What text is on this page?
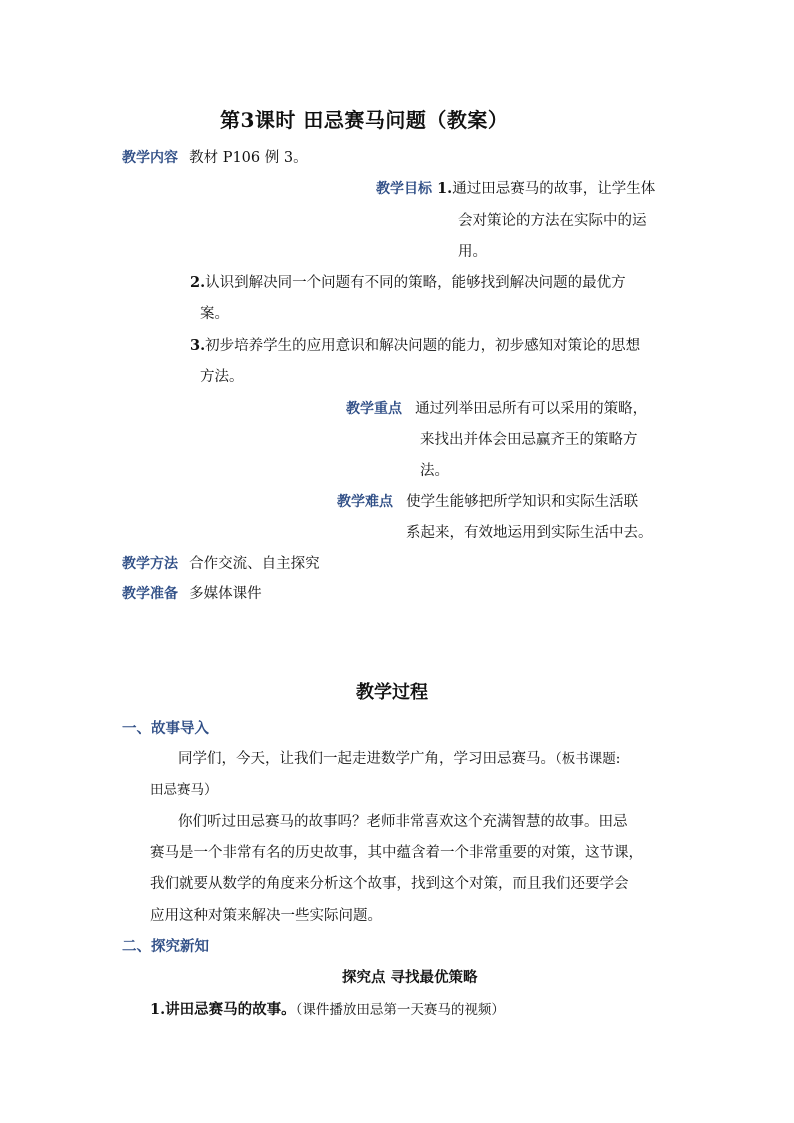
第3课时 田忌赛马问题（教案）
教学内容 教材 P106 例 3。
教学目标 1.通过田忌赛马的故事，让学生体
会对策论的方法在实际中的运
用。
2.认识到解决同一个问题有不同的策略，能够找到解决问题的最优方
案。
3.初步培养学生的应用意识和解决问题的能力，初步感知对策论的思想
方法。
教学重点 通过列举田忌所有可以采用的策略，
来找出并体会田忌赢齐王的策略方
法。
教学难点 使学生能够把所学知识和实际生活联
系起来，有效地运用到实际生活中去。
教学方法 合作交流、自主探究
教学准备 多媒体课件
教学过程
一、故事导入
同学们，今天，让我们一起走进数学广角，学习田忌赛马。（板书课题:
田忌赛马）
你们听过田忌赛马的故事吗？老师非常喜欢这个充满智慧的故事。田忌
赛马是一个非常有名的历史故事，其中蕴含着一个非常重要的对策，这节课，
我们就要从数学的角度来分析这个故事，找到这个对策，而且我们还要学会
应用这种对策来解决一些实际问题。
二、探究新知
探究点 寻找最优策略
1.讲田忌赛马的故事。（课件播放田忌第一天赛马的视频）
